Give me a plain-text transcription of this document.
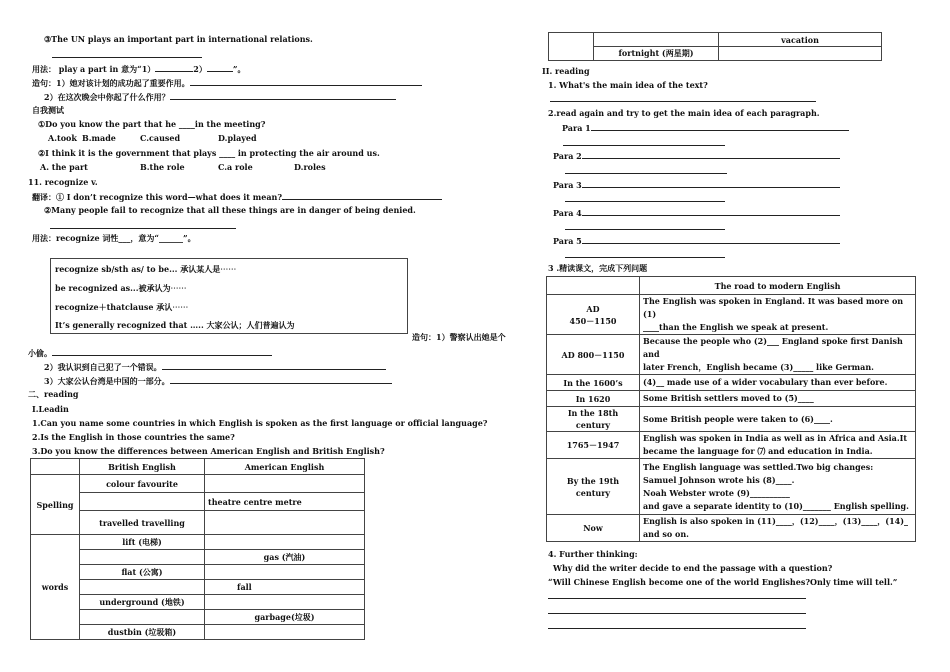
③The UN plays an important part in international relations.
用法： play a part in 意为“1）	2）	”。
造句：1）她对该计划的成功起了重要作用。
2）在这次晚会中你起了什么作用？
自我测试
①Do you know the part that he ____in the meeting?
A.took B.made	C.caused	D.played
②I think it is the government that plays ____ in protecting the air around us.
A. the part	B.the role	C.a role	D.roles
11. recognize v.
翻译：① I don’t recognize this word—what does it mean?
②Many people fail to recognize that all these things are in danger of being denied.
用法：recognize 词性___，意为“______”。
recognize sb/sth as/ to be... 承认某人是⋯⋯
be recognized as...被承认为⋯⋯
recognize＋thatclause 承认⋯⋯
It’s generally recognized that ….. 大家公认；人们普遍认为
造句：1）警察认出她是个
小偷。
2）我认识到自己犯了一个错误。
3）大家公认台湾是中国的一部分。
二、reading
I.Leadin
1.Can you name some countries in which English is spoken as the first language or official language?
2.Is the English in those countries the same?
3.Do you know the differences between American English and British English?
	British English	American English
Spelling	colour favourite	
		theatre centre metre
	travelled travelling	
words	lift (电梯)	
		gas (汽油)
	flat (公寓)	
		fall
	underground (地铁)	
		garbage(垃圾)
	dustbin (垃圾箱)	
		vacation
	fortnight (两星期)	
II. reading
1. What's the main idea of the text?
2.read again and try to get the main idea of each paragraph.
Para 1
Para 2
Para 3
Para 4
Para 5
3 .精读课文，完成下列问题
	The road to modern English
AD
450－1150	The English was spoken in England. It was based more on (1)
____than the English we speak at present.
AD 800－1150	Because the people who (2)___ England spoke first Danish and
later French，English became (3)_____ like German.
In the 1600’s	(4)__ made use of a wider vocabulary than ever before.
In 1620	Some British settlers moved to (5)____
In the 18th century	Some British people were taken to (6)____.
1765－1947	English was spoken in India as well as in Africa and Asia.It
became the language for ⑺ and education in India.
By the 19th century	The English language was settled.Two big changes:
Samuel Johnson wrote his (8)____.
Noah Webster wrote (9)__________
and gave a separate identity to (10)_______ English spelling.
Now	English is also spoken in (11)____，(12)____，(13)____，(14)_
and so on.
4. Further thinking:
Why did the writer decide to end the passage with a question?
“Will Chinese English become one of the world Englishes?Only time will tell.”
